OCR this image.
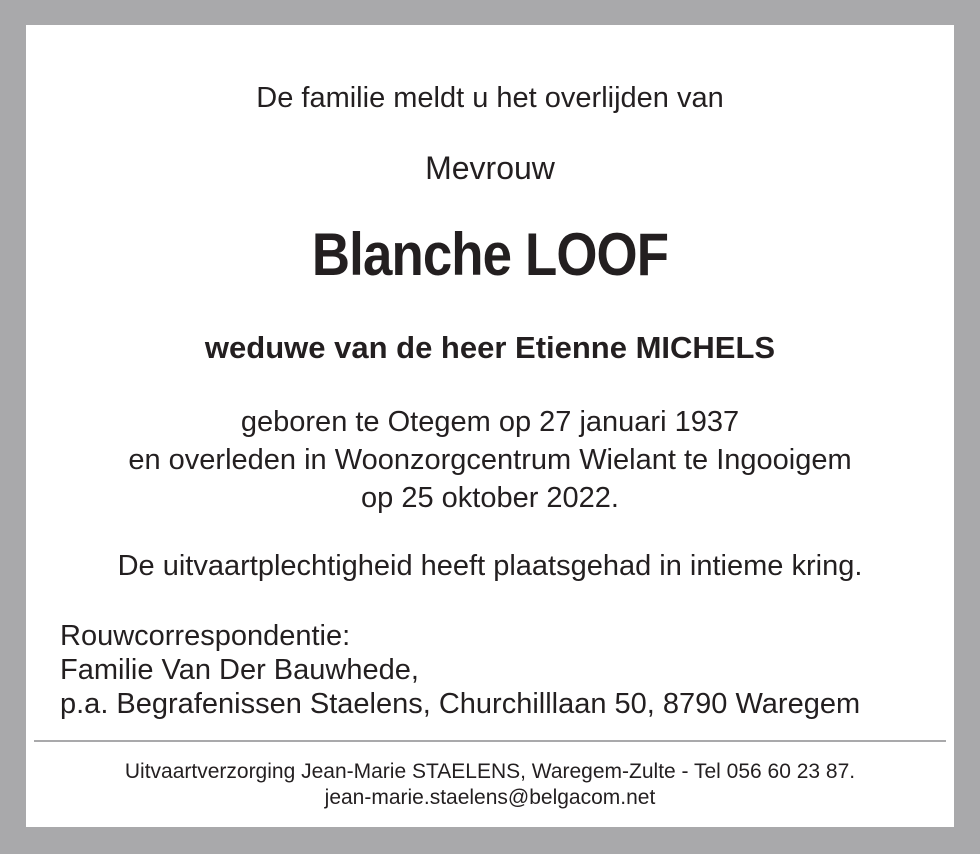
De familie meldt u het overlijden van
Mevrouw
Blanche LOOF
weduwe van de heer Etienne MICHELS
geboren te Otegem op 27 januari 1937
en overleden in Woonzorgcentrum Wielant te Ingooigem
op 25 oktober 2022.
De uitvaartplechtigheid heeft plaatsgehad in intieme kring.
Rouwcorrespondentie:
Familie Van Der Bauwhede,
p.a. Begrafenissen Staelens, Churchilllaan 50, 8790 Waregem
Uitvaartverzorging Jean-Marie STAELENS, Waregem-Zulte - Tel 056 60 23 87.
jean-marie.staelens@belgacom.net
